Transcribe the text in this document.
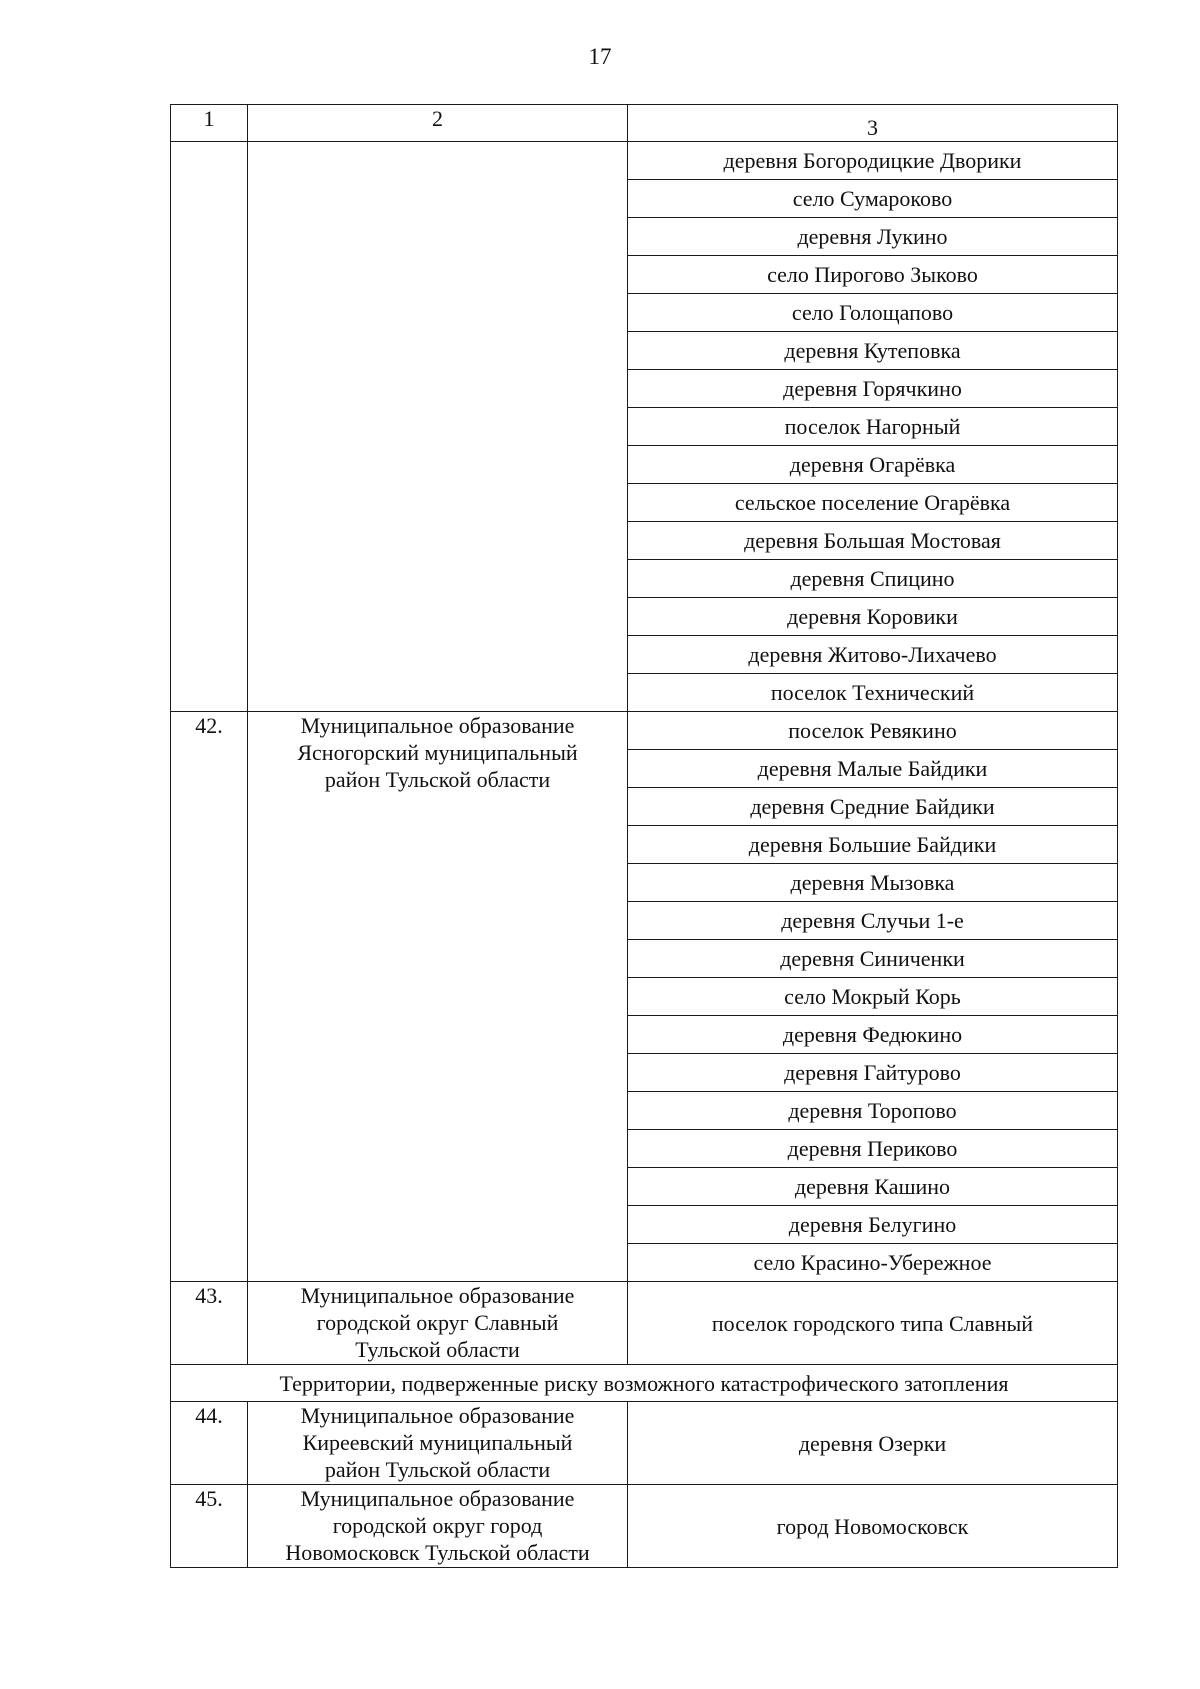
17
1	2	3
		деревня Богородицкие Дворики
		село Сумароково
		деревня Лукино
		село Пирогово Зыково
		село Голощапово
		деревня Кутеповка
		деревня Горячкино
		поселок Нагорный
		деревня Огарёвка
		сельское поселение Огарёвка
		деревня Большая Мостовая
		деревня Спицино
		деревня Коровики
		деревня Житово-Лихачево
		поселок Технический
42.	Муниципальное образование
Ясногорский муниципальный
район Тульской области	поселок Ревякино
		деревня Малые Байдики
		деревня Средние Байдики
		деревня Большие Байдики
		деревня Мызовка
		деревня Случьи 1-е
		деревня Синиченки
		село Мокрый Корь
		деревня Федюкино
		деревня Гайтурово
		деревня Торопово
		деревня Периково
		деревня Кашино
		деревня Белугино
		село Красино-Убережное
43.	Муниципальное образование
городской округ Славный
Тульской области	поселок городского типа Славный
Территории, подверженные риску возможного катастрофического затопления		
44.	Муниципальное образование
Киреевский муниципальный
район Тульской области	деревня Озерки
45.	Муниципальное образование
городской округ город
Новомосковск Тульской области	город Новомосковск
